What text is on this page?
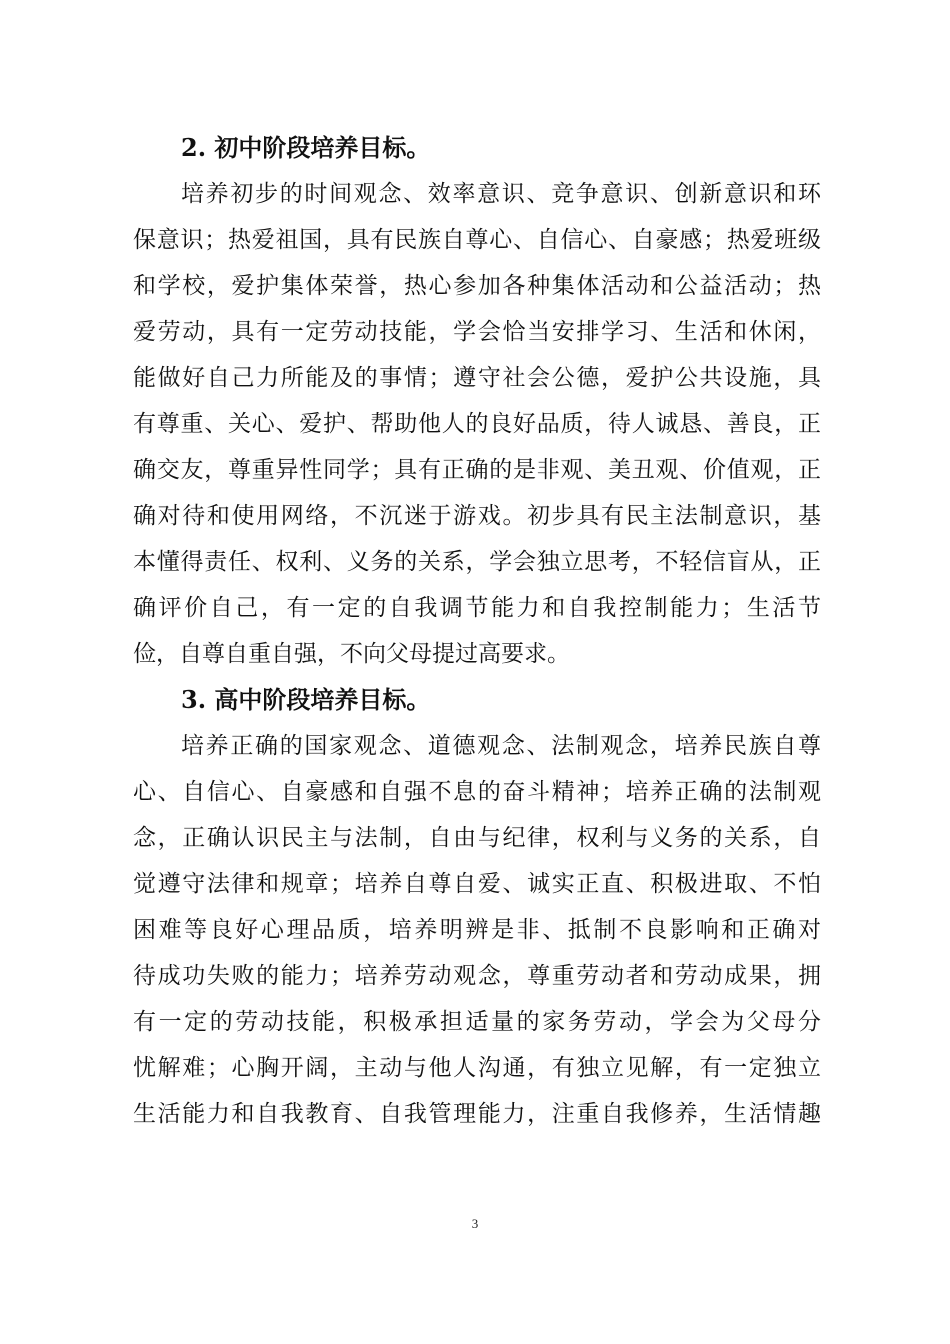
2. 初中阶段培养目标。
培养初步的时间观念、效率意识、竞争意识、创新意识和环
保意识；热爱祖国，具有民族自尊心、自信心、自豪感；热爱班级
和学校，爱护集体荣誉，热心参加各种集体活动和公益活动；热
爱劳动，具有一定劳动技能，学会恰当安排学习、生活和休闲，
能做好自己力所能及的事情；遵守社会公德，爱护公共设施，具
有尊重、关心、爱护、帮助他人的良好品质，待人诚恳、善良，正
确交友，尊重异性同学；具有正确的是非观、美丑观、价值观，正
确对待和使用网络，不沉迷于游戏。初步具有民主法制意识，基
本懂得责任、权利、义务的关系，学会独立思考，不轻信盲从，正
确评价自己，有一定的自我调节能力和自我控制能力；生活节
俭，自尊自重自强，不向父母提过高要求。
3. 高中阶段培养目标。
培养正确的国家观念、道德观念、法制观念，培养民族自尊
心、自信心、自豪感和自强不息的奋斗精神；培养正确的法制观
念，正确认识民主与法制，自由与纪律，权利与义务的关系，自
觉遵守法律和规章；培养自尊自爱、诚实正直、积极进取、不怕
困难等良好心理品质，培养明辨是非、抵制不良影响和正确对
待成功失败的能力；培养劳动观念，尊重劳动者和劳动成果，拥
有一定的劳动技能，积极承担适量的家务劳动，学会为父母分
忧解难；心胸开阔，主动与他人沟通，有独立见解，有一定独立
生活能力和自我教育、自我管理能力，注重自我修养，生活情趣
3
